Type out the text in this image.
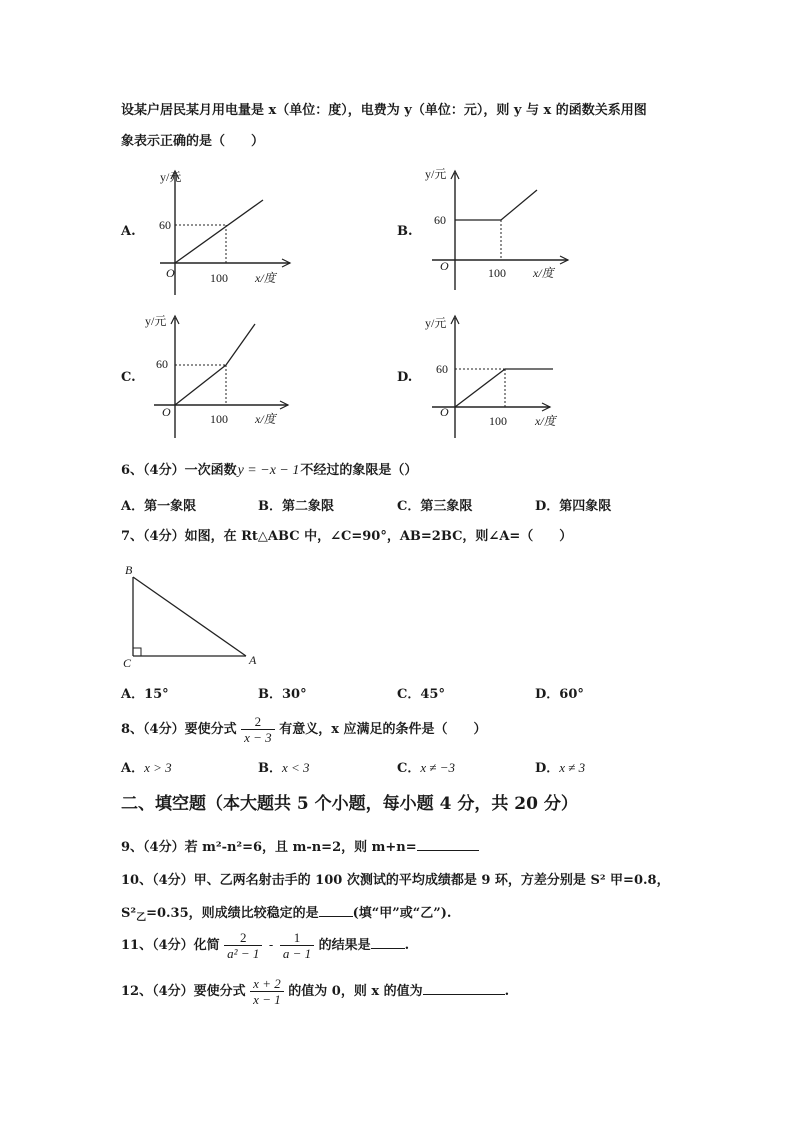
设某户居民某月用电量是 x（单位：度），电费为 y（单位：元），则 y 与 x 的函数关系用图
象表示正确的是（　　）
A.
y/元
60
O	100 x/度
B.
y/元
60
O	100 x/度
C.
y/元
60
O	100 x/度
D.
y/元
60
O
100 x/度
6、（4分）一次函数y = −x − 1不经过的象限是（）
A．第一象限	B．第二象限	C．第三象限	D．第四象限
7、（4分）如图，在 Rt△ABC 中，∠C=90°，AB=2BC，则∠A=（　　）
B
C	A
A．15°	B．30°	C．45°	D．60°
8、（4分）要使分式 $\frac{2}{x - 3}$ 有意义，x 应满足的条件是（　　）
A．x > 3	B．x < 3	C．x ≠ −3	D．x ≠ 3
二、填空题（本大题共 5 个小题，每小题 4 分，共 20 分）
9、（4分）若 m²-n²=6，且 m-n=2，则 m+n=
10、（4分）甲、乙两名射击手的 100 次测试的平均成绩都是 9 环，方差分别是 S² 甲=0.8，
$S^2_乙=0.35$，则成绩比较稳定的是	(填“甲”或“乙”).
11、（4分）化简 $\frac{2}{\text{a² − 1}} - \frac{1}{a - 1}$ 的结果是	.
12、（4分）要使分式 $\frac{x + 2}{x - 1}$ 的值为 0，则 x 的值为	.
